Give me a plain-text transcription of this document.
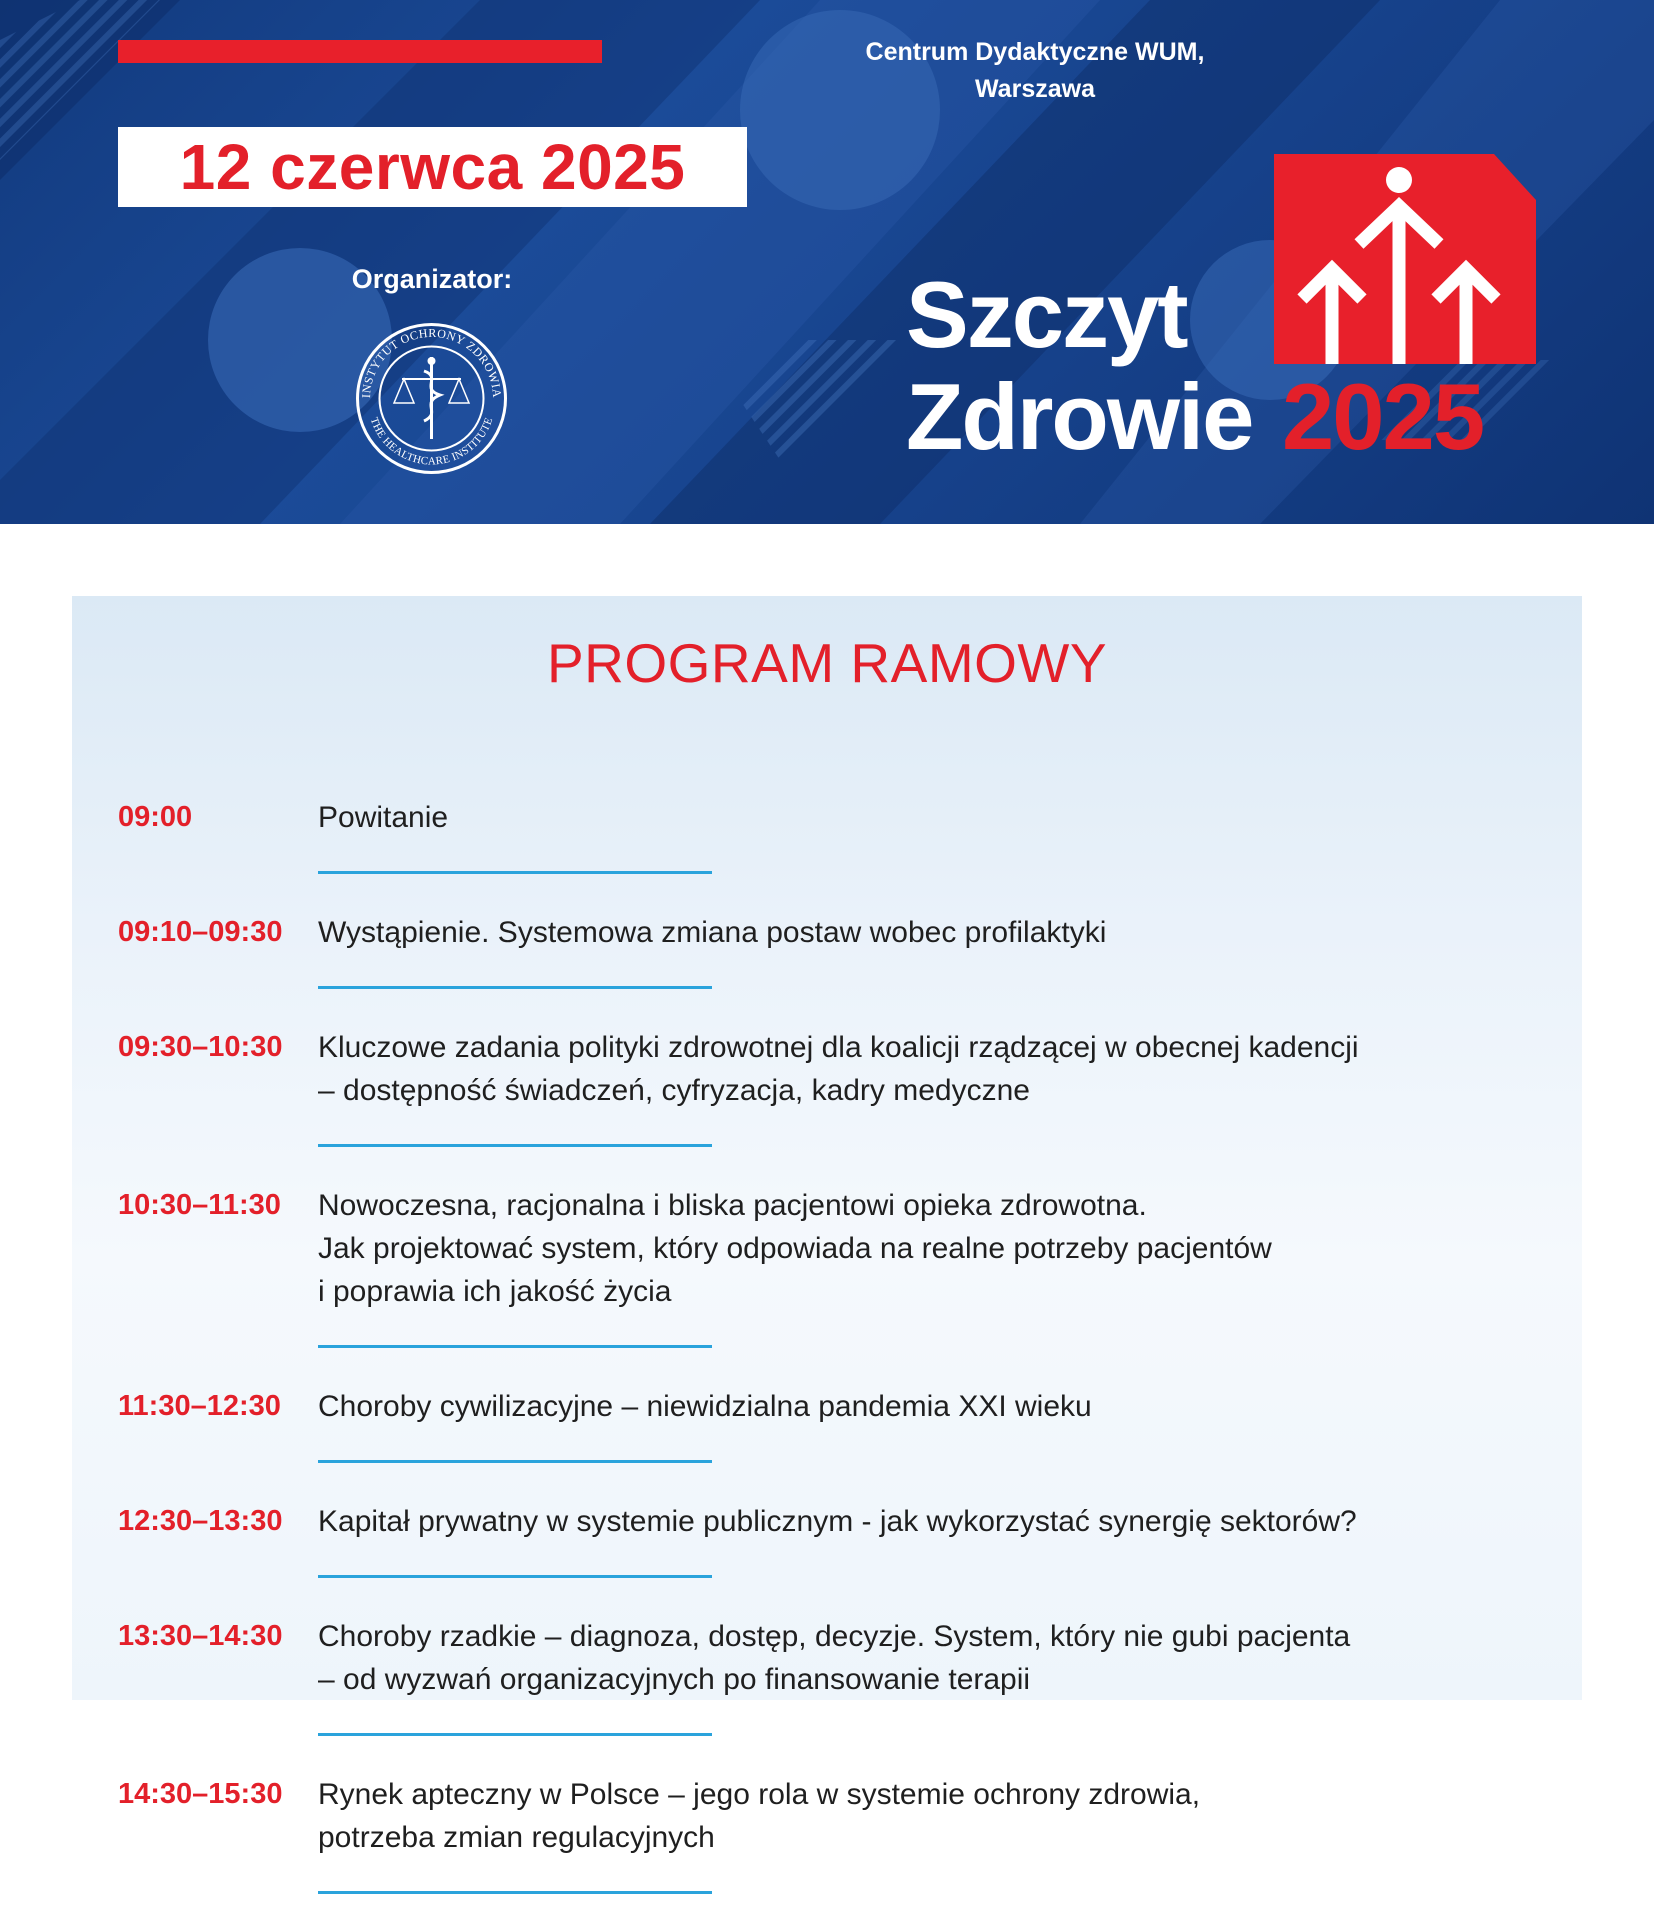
Centrum Dydaktyczne WUM,
Warszawa
12 czerwca 2025
Organizator:
INSTYTUT OCHRONY ZDROWIA
THE HEALTHCARE INSTITUTE
Szczyt
Zdrowie 2025
PROGRAM RAMOWY
09:00	Powitanie
09:10–09:30 Wystąpienie. Systemowa zmiana postaw wobec profilaktyki
09:30–10:30 Kluczowe zadania polityki zdrowotnej dla koalicji rządzącej w obecnej kadencji
– dostępność świadczeń, cyfryzacja, kadry medyczne
10:30–11:30 Nowoczesna, racjonalna i bliska pacjentowi opieka zdrowotna.
Jak projektować system, który odpowiada na realne potrzeby pacjentów
i poprawia ich jakość życia
11:30–12:30 Choroby cywilizacyjne – niewidzialna pandemia XXI wieku
12:30–13:30 Kapitał prywatny w systemie publicznym - jak wykorzystać synergię sektorów?
13:30–14:30 Choroby rzadkie – diagnoza, dostęp, decyzje. System, który nie gubi pacjenta
– od wyzwań organizacyjnych po finansowanie terapii
14:30–15:30 Rynek apteczny w Polsce – jego rola w systemie ochrony zdrowia,
potrzeba zmian regulacyjnych
